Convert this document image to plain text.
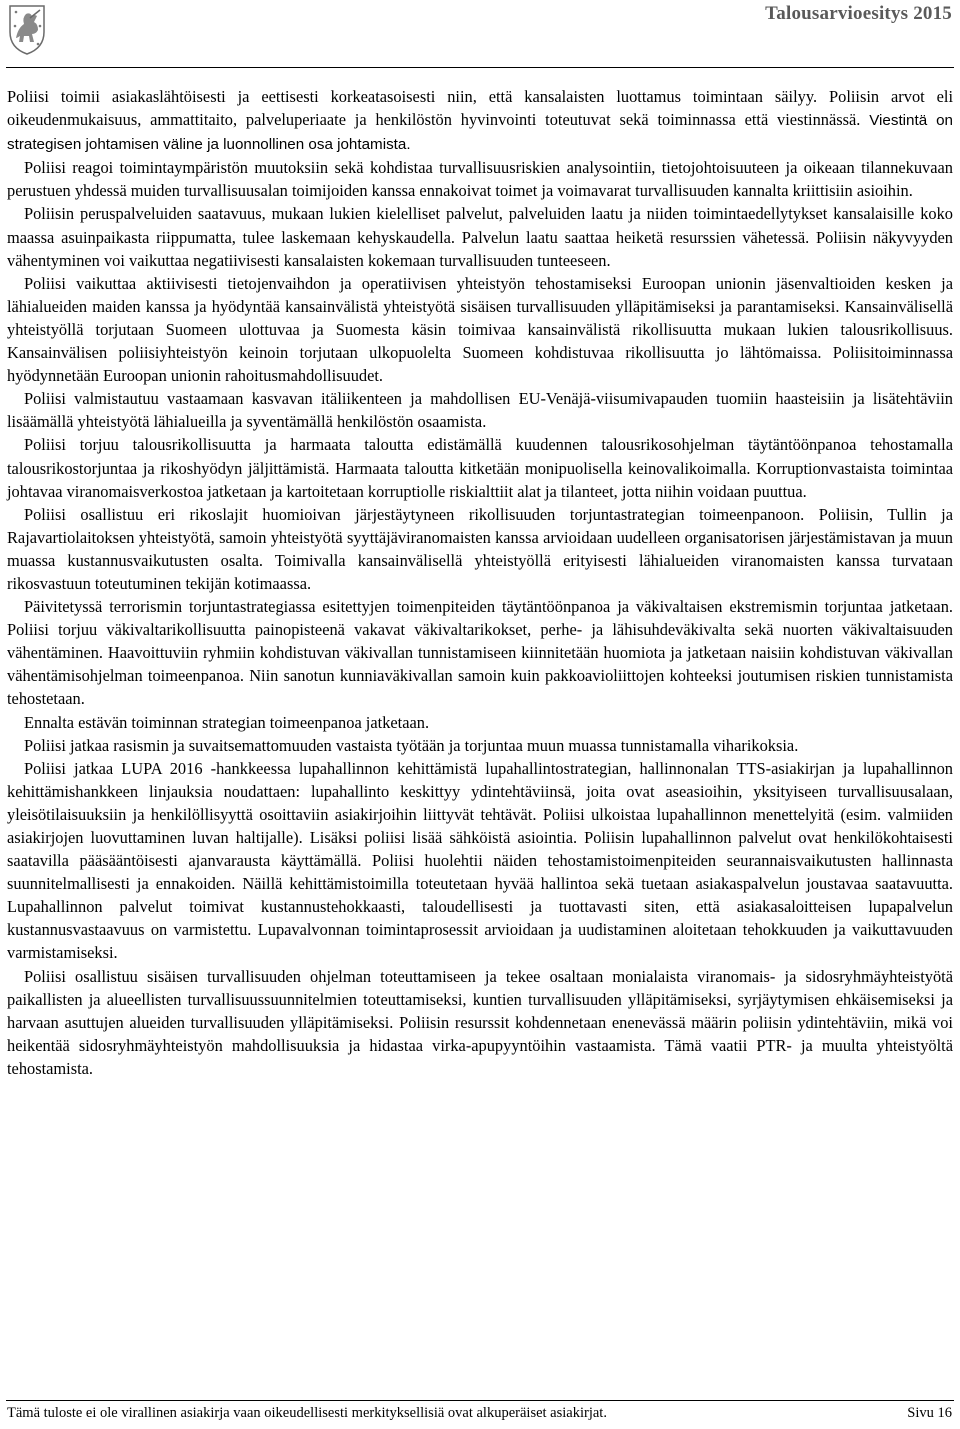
Talousarvioesitys 2015

Poliisi toimii asiakaslähtöisesti ja eettisesti korkeatasoisesti niin, että kansalaisten luottamus toimintaan säilyy. Poliisin arvot eli oikeudenmukaisuus, ammattitaito, palveluperiaate ja henkilöstön hyvinvointi toteutuvat sekä toiminnassa että viestinnässä. Viestintä on strategisen johtamisen väline ja luonnollinen osa johtamista.

Poliisi reagoi toimintaympäristön muutoksiin sekä kohdistaa turvallisuusriskien analysointiin, tietojohtoisuuteen ja oikeaan tilannekuvaan perustuen yhdessä muiden turvallisuusalan toimijoiden kanssa ennakoivat toimet ja voimavarat turvallisuuden kannalta kriittisiin asioihin.

Poliisin peruspalveluiden saatavuus, mukaan lukien kielelliset palvelut, palveluiden laatu ja niiden toimintaedellytykset kansalaisille koko maassa asuinpaikasta riippumatta, tulee laskemaan kehyskaudella. Palvelun laatu saattaa heiketä resurssien vähetessä. Poliisin näkyvyyden vähentyminen voi vaikuttaa negatiivisesti kansalaisten kokemaan turvallisuuden tunteeseen.

Poliisi vaikuttaa aktiivisesti tietojenvaihdon ja operatiivisen yhteistyön tehostamiseksi Euroopan unionin jäsenvaltioiden kesken ja lähialueiden maiden kanssa ja hyödyntää kansainvälistä yhteistyötä sisäisen turvallisuuden ylläpitämiseksi ja parantamiseksi. Kansainvälisellä yhteistyöllä torjutaan Suomeen ulottuvaa ja Suomesta käsin toimivaa kansainvälistä rikollisuutta mukaan lukien talousrikollisuus. Kansainvälisen poliisiyhteistyön keinoin torjutaan ulkopuolelta Suomeen kohdistuvaa rikollisuutta jo lähtömaissa. Poliisitoiminnassa hyödynnetään Euroopan unionin rahoitusmahdollisuudet.

Poliisi valmistautuu vastaamaan kasvavan itäliikenteen ja mahdollisen EU-Venäjä-viisumivapauden tuomiin haasteisiin ja lisätehtäviin lisäämällä yhteistyötä lähialueilla ja syventämällä henkilöstön osaamista.

Poliisi torjuu talousrikollisuutta ja harmaata taloutta edistämällä kuudennen talousrikosohjelman täytäntöönpanoa tehostamalla talousrikostorjuntaa ja rikoshyödyn jäljittämistä. Harmaata taloutta kitketään monipuolisella keinovalikoimalla. Korruptionvastaista toimintaa johtavaa viranomaisverkostoa jatketaan ja kartoitetaan korruptiolle riskialttiit alat ja tilanteet, jotta niihin voidaan puuttua.

Poliisi osallistuu eri rikoslajit huomioivan järjestäytyneen rikollisuuden torjuntastrategian toimeenpanoon. Poliisin, Tullin ja Rajavartiolaitoksen yhteistyötä, samoin yhteistyötä syyttäjäviranomaisten kanssa arvioidaan uudelleen organisatorisen järjestämistavan ja muun muassa kustannusvaikutusten osalta. Toimivalla kansainvälisellä yhteistyöllä erityisesti lähialueiden viranomaisten kanssa turvataan rikosvastuun toteutuminen tekijän kotimaassa.

Päivitetyssä terrorismin torjuntastrategiassa esitettyjen toimenpiteiden täytäntöönpanoa ja väkivaltaisen ekstremismin torjuntaa jatketaan. Poliisi torjuu väkivaltarikollisuutta painopisteenä vakavat väkivaltarikokset, perhe- ja lähisuhdeväkivalta sekä nuorten väkivaltaisuuden vähentäminen. Haavoittuviin ryhmiin kohdistuvan väkivallan tunnistamiseen kiinnitetään huomiota ja jatketaan naisiin kohdistuvan väkivallan vähentämisohjelman toimeenpanoa. Niin sanotun kunniaväkivallan samoin kuin pakkoavioliittojen kohteeksi joutumisen riskien tunnistamista tehostetaan.

Ennalta estävän toiminnan strategian toimeenpanoa jatketaan.

Poliisi jatkaa rasismin ja suvaitsemattomuuden vastaista työtään ja torjuntaa muun muassa tunnistamalla viharikoksia.

Poliisi jatkaa LUPA 2016 -hankkeessa lupahallinnon kehittämistä lupahallintostrategian, hallinnonalan TTS-asiakirjan ja lupahallinnon kehittämishankkeen linjauksia noudattaen: lupahallinto keskittyy ydintehtäviinsä, joita ovat aseasioihin, yksityiseen turvallisuusalaan, yleisötilaisuuksiin ja henkilöllisyyttä osoittaviin asiakirjoihin liittyvät tehtävät. Poliisi ulkoistaa lupahallinnon menettelyitä (esim. valmiiden asiakirjojen luovuttaminen luvan haltijalle). Lisäksi poliisi lisää sähköistä asiointia. Poliisin lupahallinnon palvelut ovat henkilökohtaisesti saatavilla pääsääntöisesti ajanvarausta käyttämällä. Poliisi huolehtii näiden tehostamistoimenpiteiden seurannaisvaikutusten hallinnasta suunnitelmallisesti ja ennakoiden. Näillä kehittämistoimilla toteutetaan hyvää hallintoa sekä tuetaan asiakaspalvelun joustavaa saatavuutta. Lupahallinnon palvelut toimivat kustannustehokkaasti, taloudellisesti ja tuottavasti siten, että asiakasaloitteisen lupapalvelun kustannusvastaavuus on varmistettu. Lupavalvonnan toimintaprosessit arvioidaan ja uudistaminen aloitetaan tehokkuuden ja vaikuttavuuden varmistamiseksi.

Poliisi osallistuu sisäisen turvallisuuden ohjelman toteuttamiseen ja tekee osaltaan monialaista viranomais- ja sidosryhmäyhteistyötä paikallisten ja alueellisten turvallisuussuunnitelmien toteuttamiseksi, kuntien turvallisuuden ylläpitämiseksi, syrjäytymisen ehkäisemiseksi ja harvaan asuttujen alueiden turvallisuuden ylläpitämiseksi. Poliisin resurssit kohdennetaan enenevässä määrin poliisin ydintehtäviin, mikä voi heikentää sidosryhmäyhteistyön mahdollisuuksia ja hidastaa virka-apupyyntöihin vastaamista. Tämä vaatii PTR- ja muulta yhteistyöltä tehostamista.

Tämä tuloste ei ole virallinen asiakirja vaan oikeudellisesti merkityksellisiä ovat alkuperäiset asiakirjat.	Sivu 16
